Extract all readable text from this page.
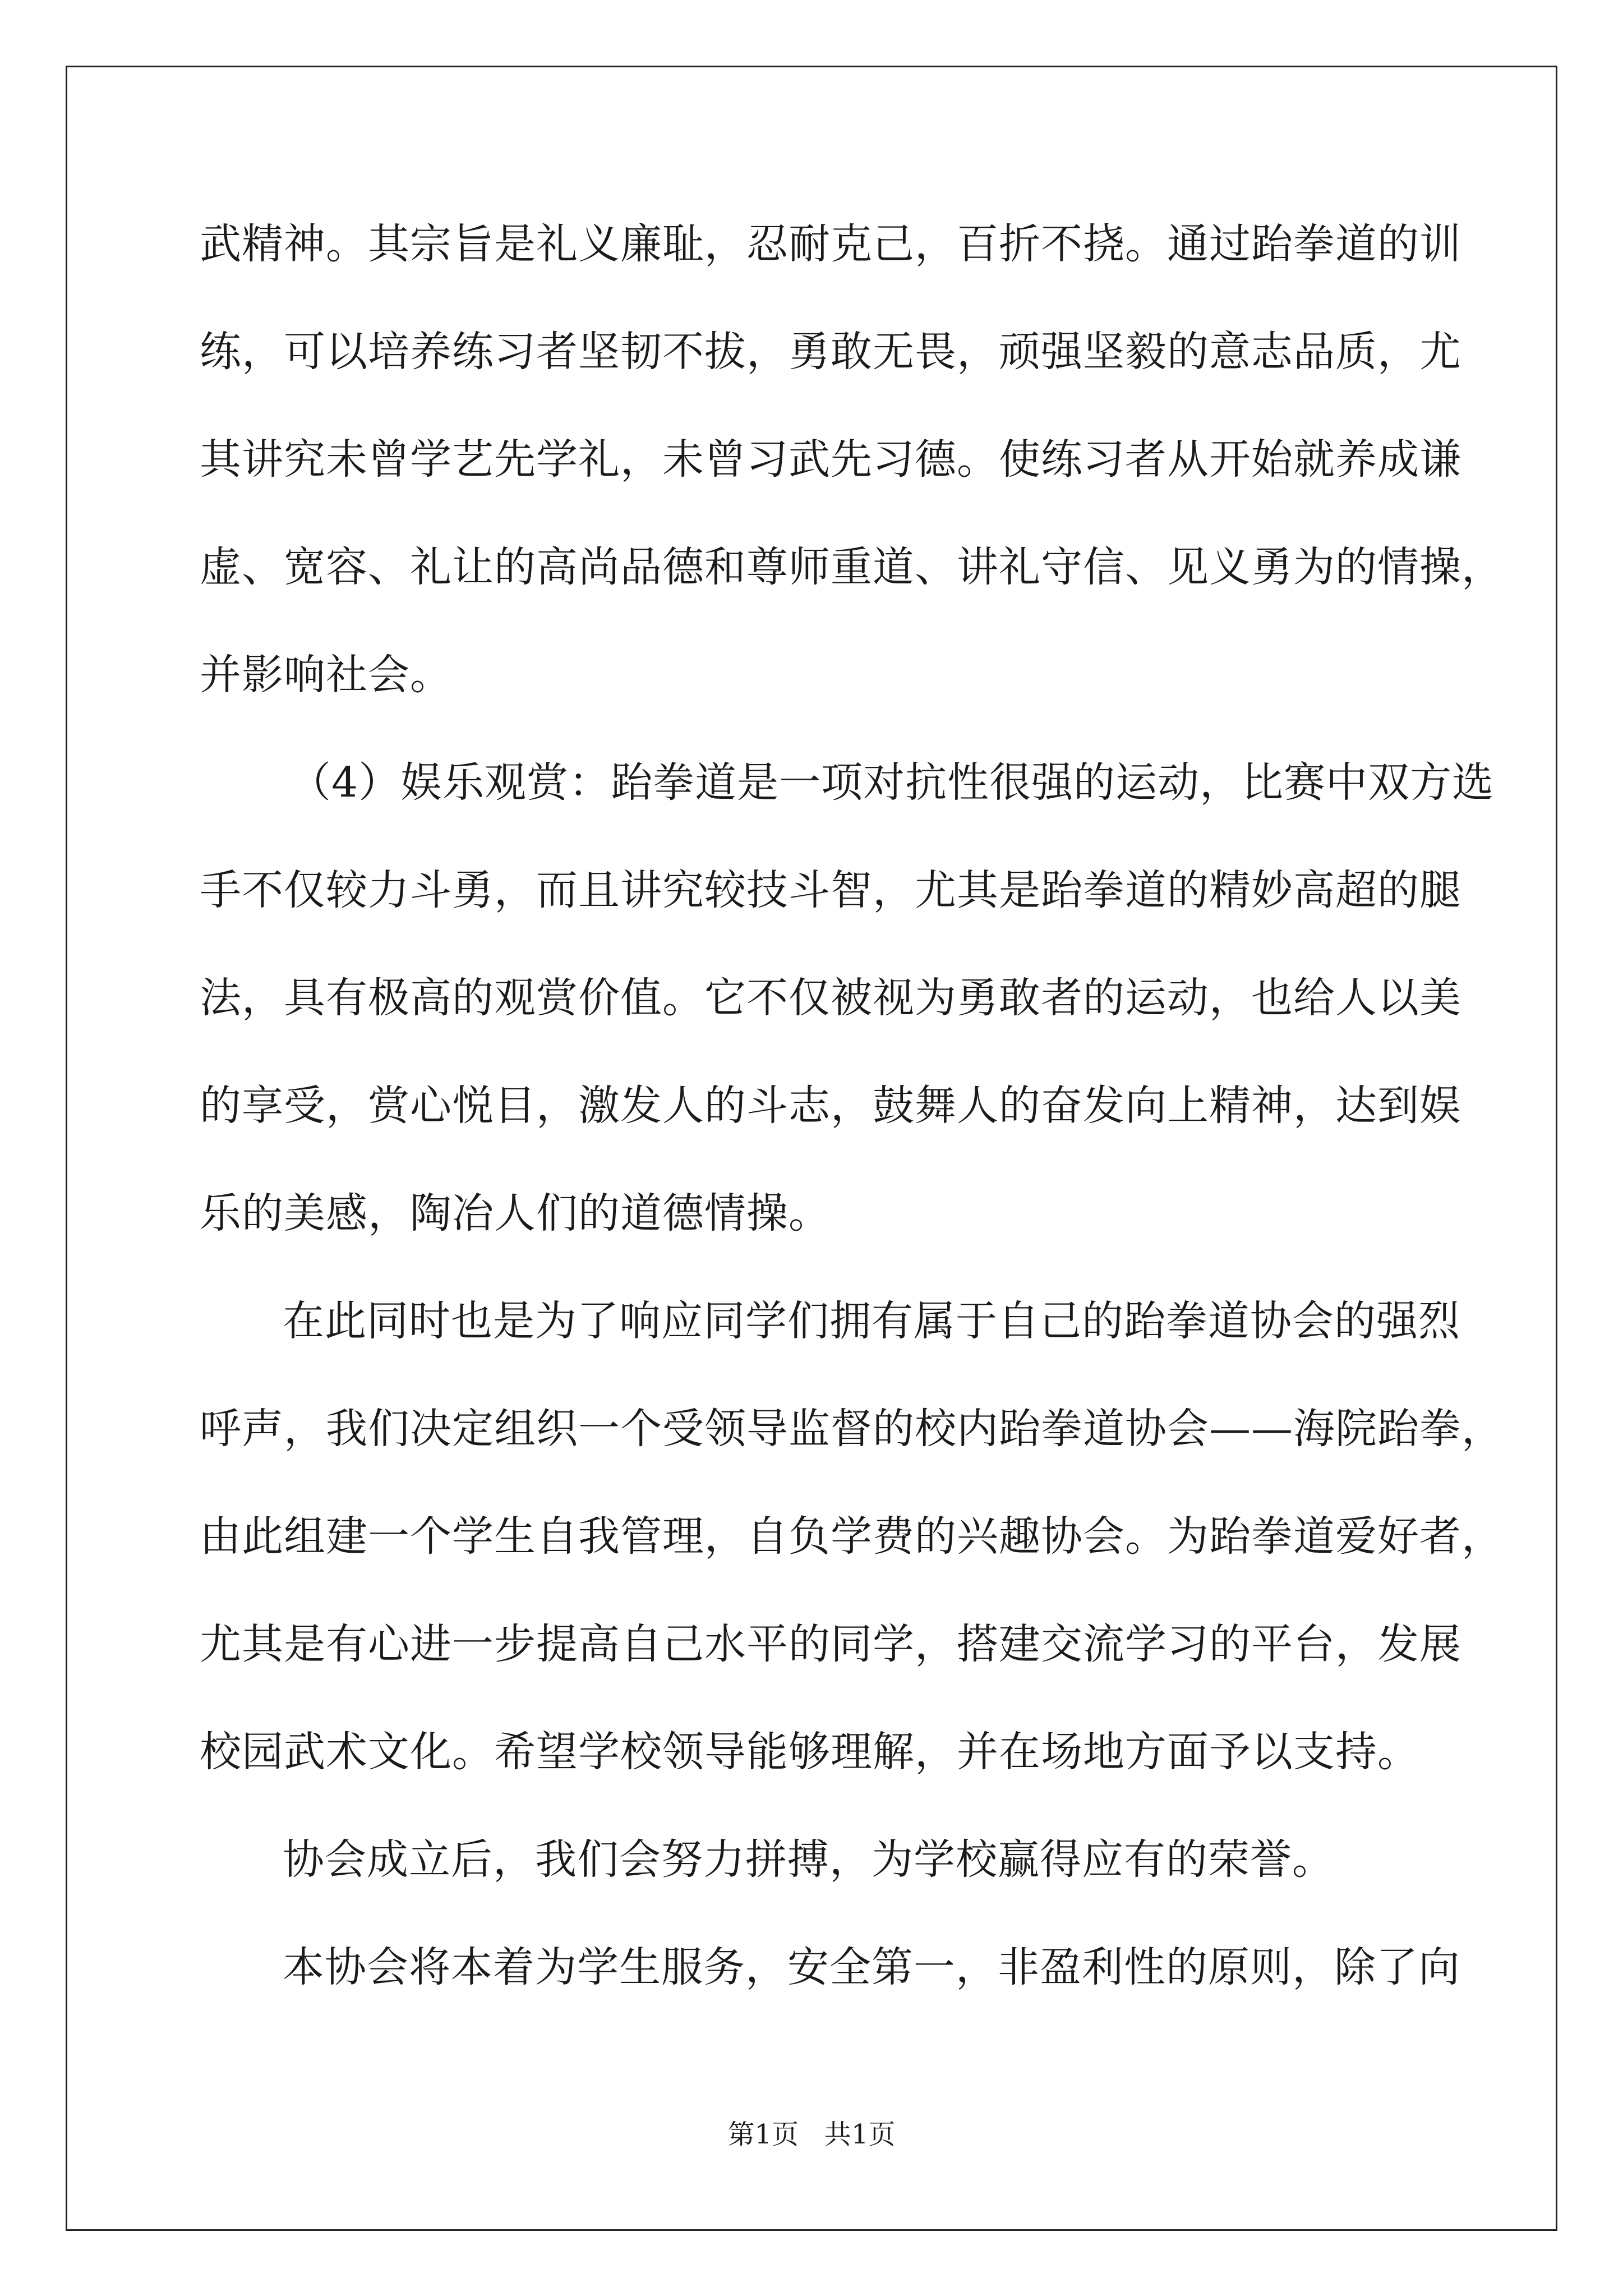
武精神。其宗旨是礼义廉耻，忍耐克己，百折不挠。通过跆拳道的训
练，可以培养练习者坚韧不拔，勇敢无畏，顽强坚毅的意志品质，尤
其讲究未曾学艺先学礼，未曾习武先习德。使练习者从开始就养成谦
虚、宽容、礼让的高尚品德和尊师重道、讲礼守信、见义勇为的情操，
并影响社会。
（4）娱乐观赏：跆拳道是一项对抗性很强的运动，比赛中双方选
手不仅较力斗勇，而且讲究较技斗智，尤其是跆拳道的精妙高超的腿
法，具有极高的观赏价值。它不仅被视为勇敢者的运动，也给人以美
的享受，赏心悦目，激发人的斗志，鼓舞人的奋发向上精神，达到娱
乐的美感，陶冶人们的道德情操。
在此同时也是为了响应同学们拥有属于自己的跆拳道协会的强烈
呼声，我们决定组织一个受领导监督的校内跆拳道协会——海院跆拳，
由此组建一个学生自我管理，自负学费的兴趣协会。为跆拳道爱好者，
尤其是有心进一步提高自己水平的同学，搭建交流学习的平台，发展
校园武术文化。希望学校领导能够理解，并在场地方面予以支持。
协会成立后，我们会努力拼搏，为学校赢得应有的荣誉。
本协会将本着为学生服务，安全第一，非盈利性的原则，除了向
第1页   共1页
